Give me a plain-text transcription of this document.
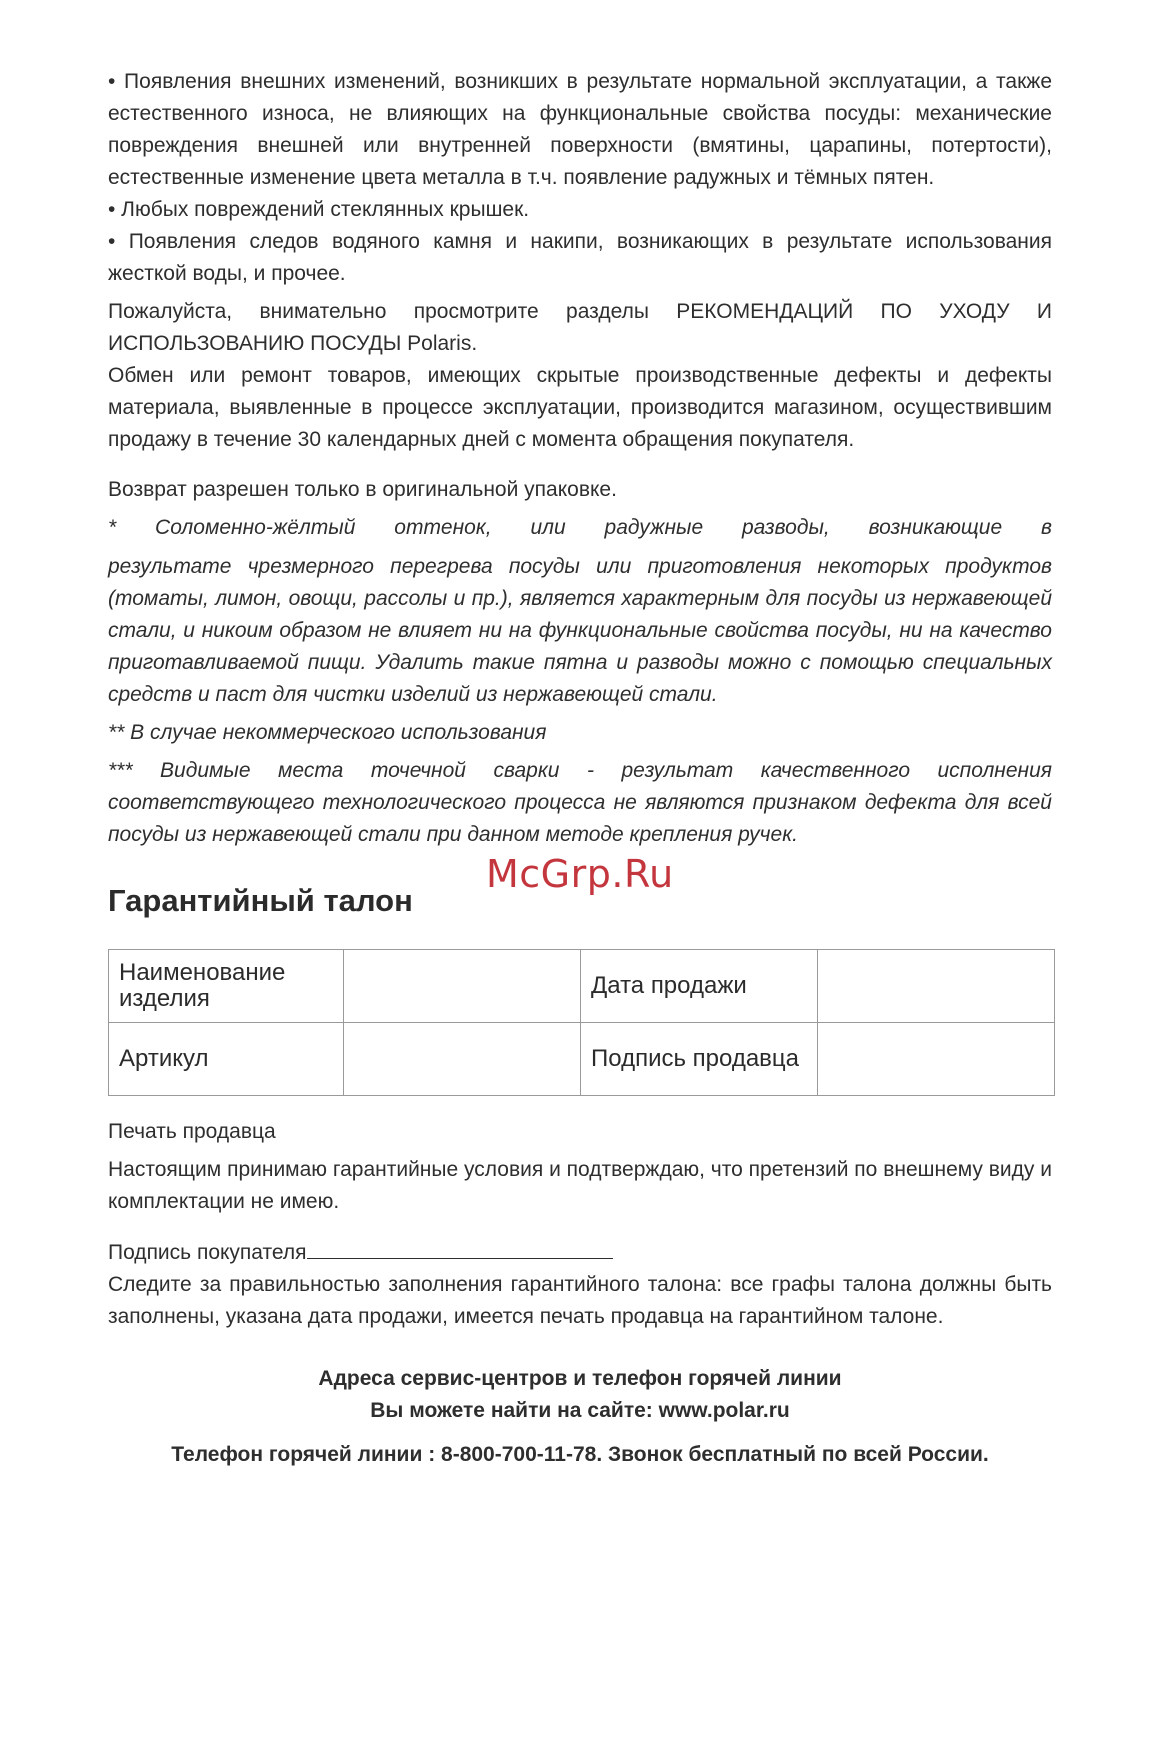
• Появления внешних изменений, возникших в результате нормальной эксплуатации, а также естественного износа, не влияющих на функциональные свойства посуды: механические повреждения внешней или внутренней поверхности (вмятины, царапины, потертости), естественные изменение цвета металла в т.ч. появление радужных и тёмных пятен.

• Любых повреждений стеклянных крышек.

• Появления следов водяного камня и накипи, возникающих в результате использования жесткой воды, и прочее.

Пожалуйста, внимательно просмотрите разделы РЕКОМЕНДАЦИЙ ПО УХОДУ И ИСПОЛЬЗОВАНИЮ ПОСУДЫ Polaris.

Обмен или ремонт товаров, имеющих скрытые производственные дефекты и дефекты материала, выявленные в процессе эксплуатации, производится магазином, осуществившим продажу в течение 30 календарных дней с момента обращения покупателя.

Возврат разрешен только в оригинальной упаковке.

* Соломенно-жёлтый оттенок, или радужные разводы, возникающие в

результате чрезмерного перегрева посуды или приготовления некоторых продуктов (томаты, лимон, овощи, рассолы и пр.), является характерным для посуды из нержавеющей стали, и никоим образом не влияет ни на функциональные свойства посуды, ни на качество приготавливаемой пищи. Удалить такие пятна и разводы можно с помощью специальных средств и паст для чистки изделий из нержавеющей стали.

** В случае некоммерческого использования

*** Видимые места точечной сварки - результат качественного исполнения соответствующего технологического процесса не являются признаком дефекта для всей посуды из нержавеющей стали при данном методе крепления ручек.

Гарантийный талон
Наименование изделия		Дата продажи	
Артикул		Подпись продавца	

Печать продавца

Настоящим принимаю гарантийные условия и подтверждаю, что претензий по внешнему виду и комплектации не имею.

Подпись покупателя

Следите за правильностью заполнения гарантийного талона: все графы талона должны быть заполнены, указана дата продажи, имеется печать продавца на гарантийном талоне.

Адреса сервис-центров и телефон горячей линии

Вы можете найти на сайте: www.polar.ru

Телефон горячей линии : 8-800-700-11-78. Звонок бесплатный по всей России.

McGrp.Ru
